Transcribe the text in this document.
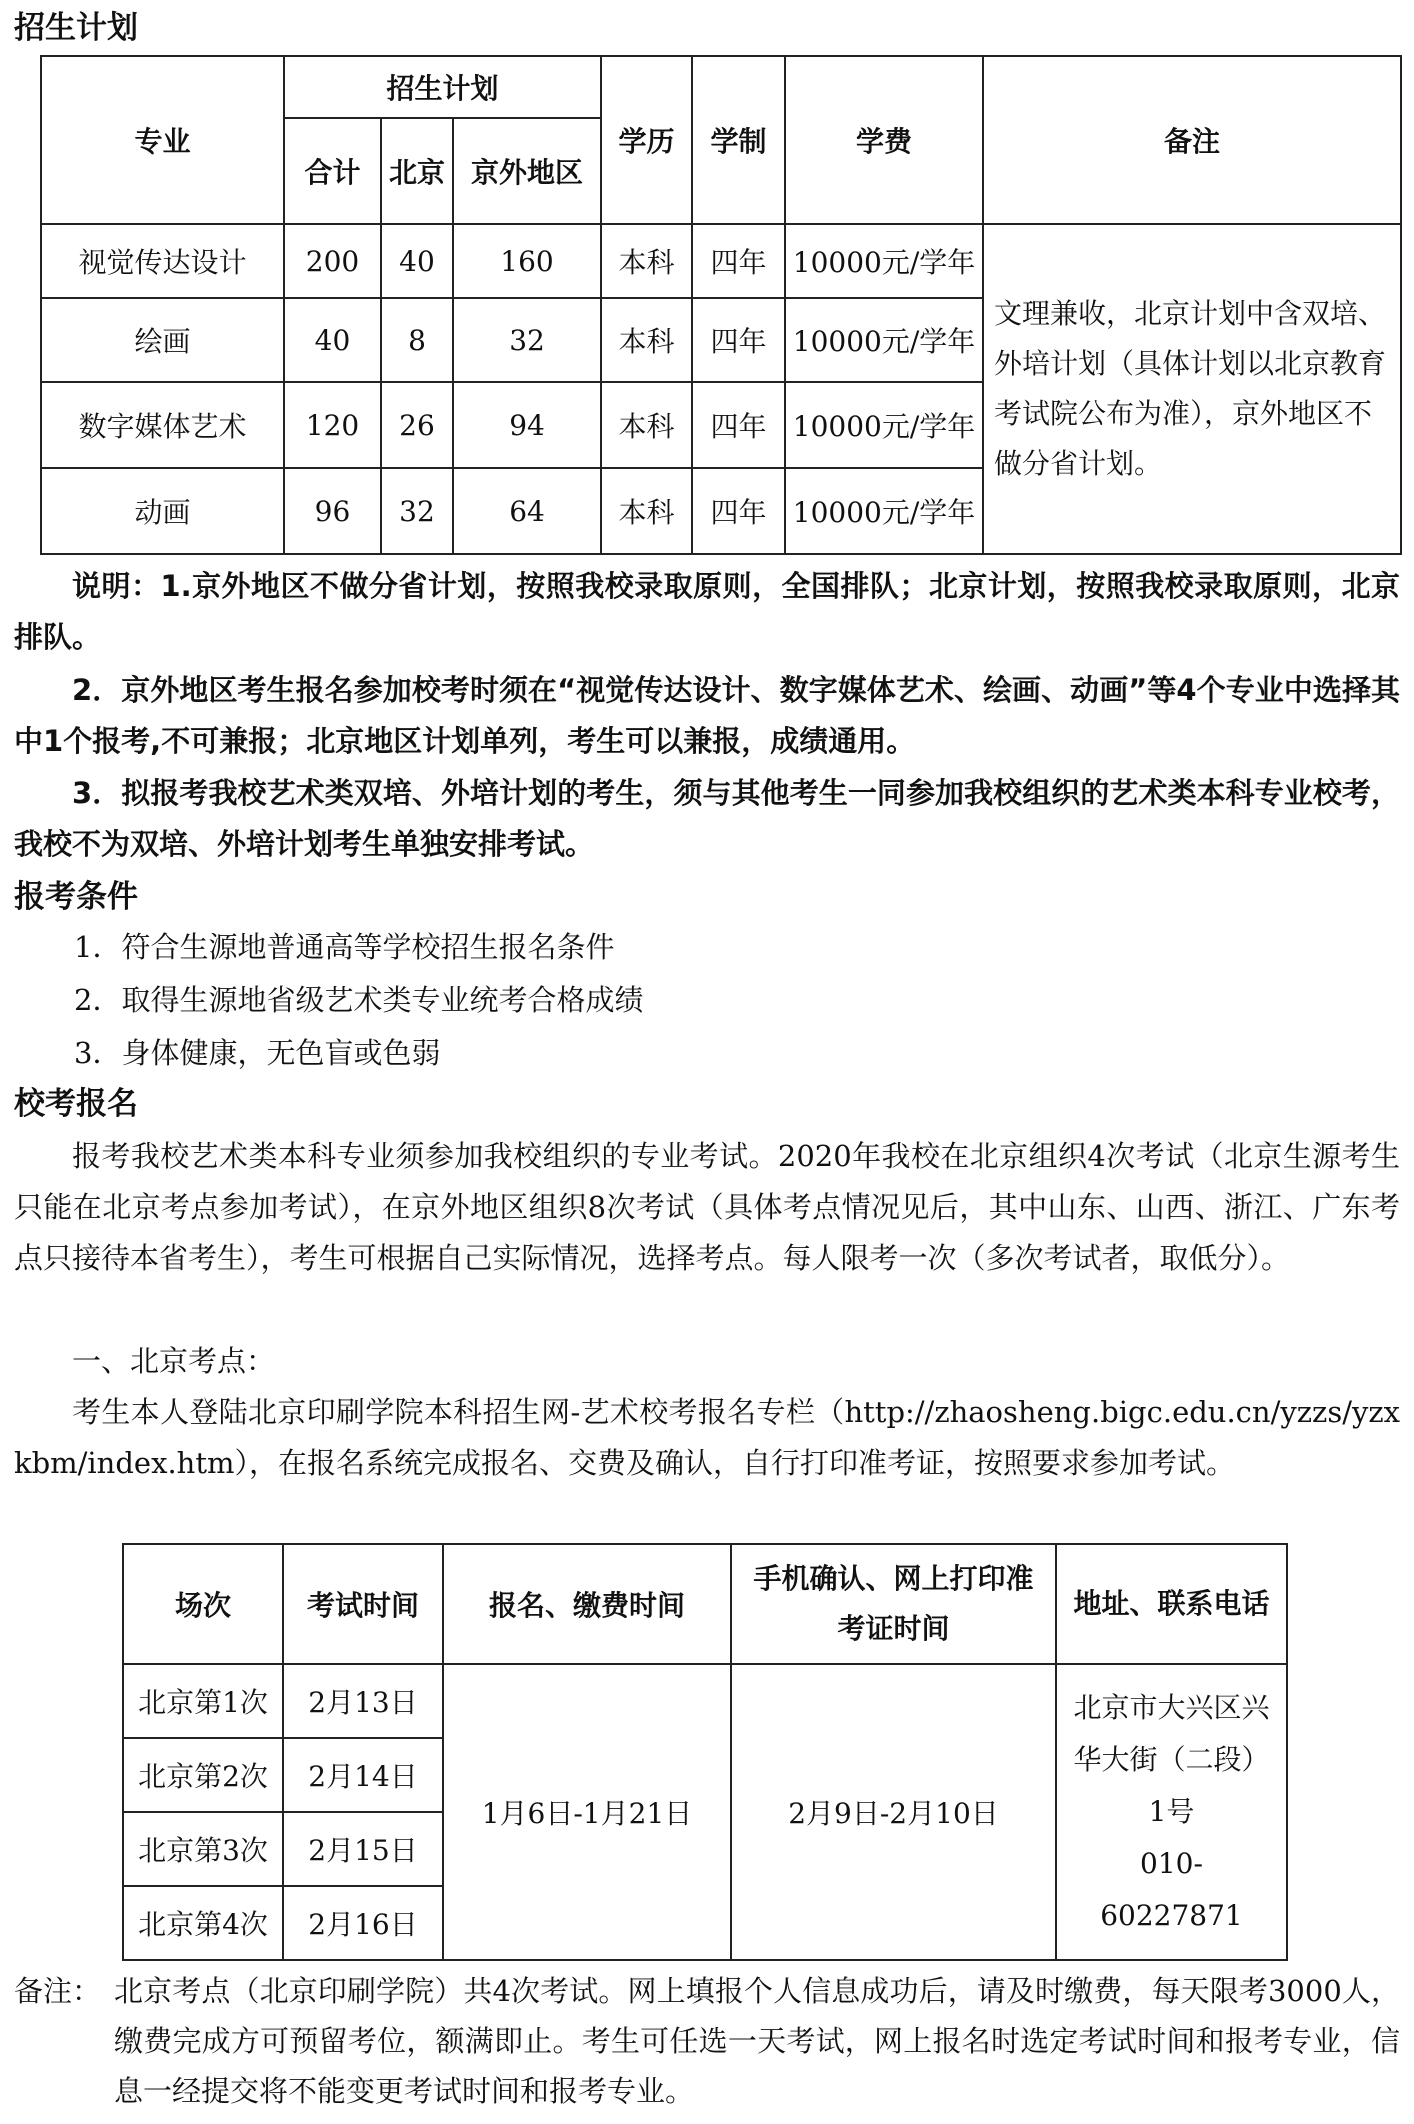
招生计划
专业	招生计划			学历	学制	学费	备注
	合计	北京	京外地区				
视觉传达设计	200	40	160	本科	四年	10000元/学年	文理兼收，北京计划中含双培、外培计划（具体计划以北京教育考试院公布为准），京外地区不做分省计划。
绘画	40	8	32	本科	四年	10000元/学年	
数字媒体艺术	120	26	94	本科	四年	10000元/学年	
动画	96	32	64	本科	四年	10000元/学年	
说明：1.京外地区不做分省计划，按照我校录取原则，全国排队；北京计划，按照我校录取原则，北京排队。
2．京外地区考生报名参加校考时须在“视觉传达设计、数字媒体艺术、绘画、动画”等4个专业中选择其中1个报考,不可兼报；北京地区计划单列，考生可以兼报，成绩通用。
3．拟报考我校艺术类双培、外培计划的考生，须与其他考生一同参加我校组织的艺术类本科专业校考，我校不为双培、外培计划考生单独安排考试。
报考条件
1．符合生源地普通高等学校招生报名条件
2．取得生源地省级艺术类专业统考合格成绩
3．身体健康，无色盲或色弱
校考报名
报考我校艺术类本科专业须参加我校组织的专业考试。2020年我校在北京组织4次考试（北京生源考生只能在北京考点参加考试），在京外地区组织8次考试（具体考点情况见后，其中山东、山西、浙江、广东考点只接待本省考生），考生可根据自己实际情况，选择考点。每人限考一次（多次考试者，取低分）。
一、北京考点：
考生本人登陆北京印刷学院本科招生网-艺术校考报名专栏（http://zhaosheng.bigc.edu.cn/yzzs/yzxkbm/index.htm），在报名系统完成报名、交费及确认，自行打印准考证，按照要求参加考试。
场次	考试时间	报名、缴费时间	手机确认、网上打印准考证时间	地址、联系电话
北京第1次	2月13日	1月6日-1月21日	2月9日-2月10日	北京市大兴区兴华大街（二段）1号
010-60227871

北京第2次	2月14日			
北京第3次	2月15日			
北京第4次	2月16日			
备注： 北京考点（北京印刷学院）共4次考试。网上填报个人信息成功后，请及时缴费，每天限考3000人，缴费完成方可预留考位，额满即止。考生可任选一天考试，网上报名时选定考试时间和报考专业，信息一经提交将不能变更考试时间和报考专业。
